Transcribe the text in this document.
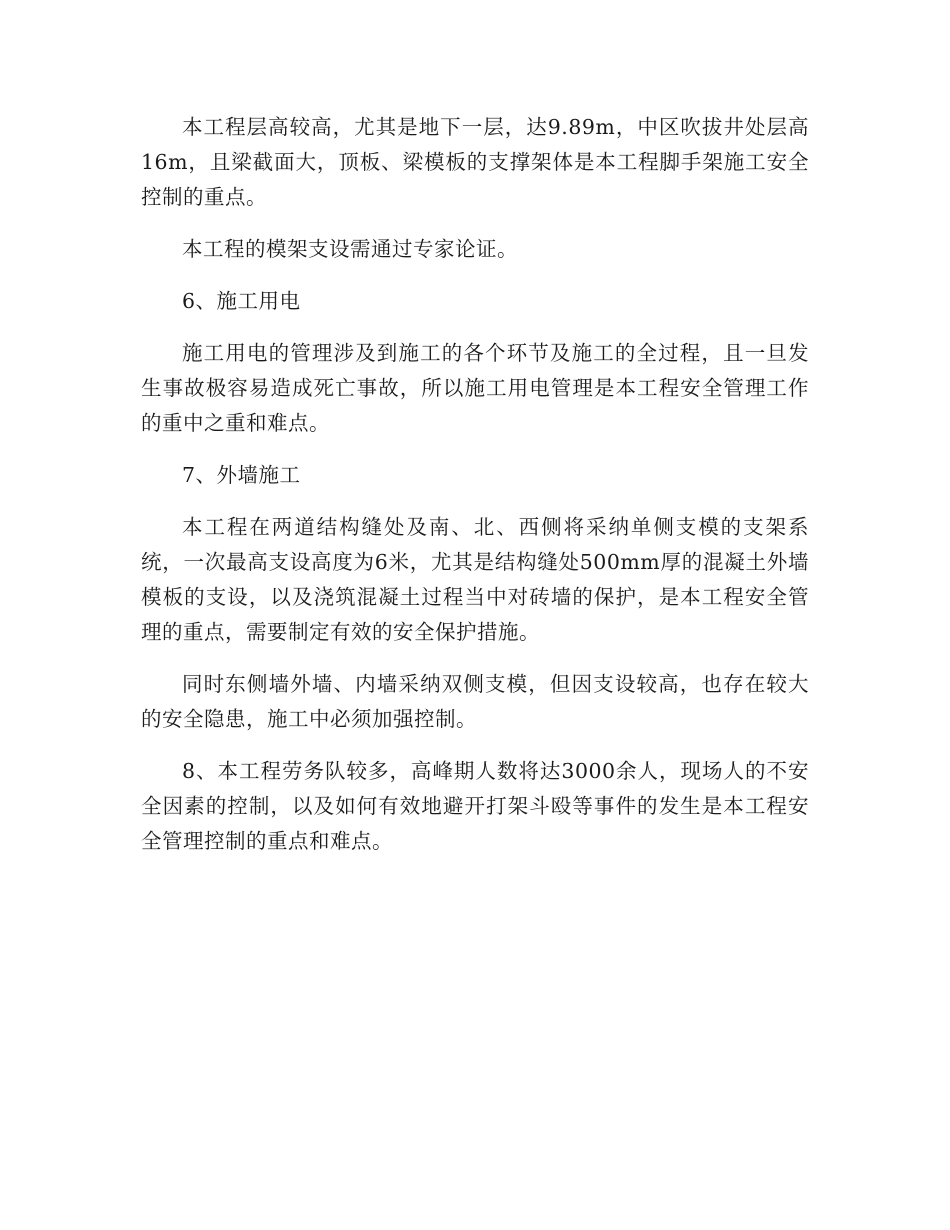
本工程层高较高，尤其是地下一层，达9.89m，中区吹拔井处层高16m，且梁截面大，顶板、梁模板的支撑架体是本工程脚手架施工安全控制的重点。

本工程的模架支设需通过专家论证。

6、施工用电

施工用电的管理涉及到施工的各个环节及施工的全过程，且一旦发生事故极容易造成死亡事故，所以施工用电管理是本工程安全管理工作的重中之重和难点。

7、外墙施工

本工程在两道结构缝处及南、北、西侧将采纳单侧支模的支架系统，一次最高支设高度为6米，尤其是结构缝处500mm厚的混凝土外墙模板的支设，以及浇筑混凝土过程当中对砖墙的保护，是本工程安全管理的重点，需要制定有效的安全保护措施。

同时东侧墙外墙、内墙采纳双侧支模，但因支设较高，也存在较大的安全隐患，施工中必须加强控制。

8、本工程劳务队较多，高峰期人数将达3000余人，现场人的不安全因素的控制，以及如何有效地避开打架斗殴等事件的发生是本工程安全管理控制的重点和难点。
